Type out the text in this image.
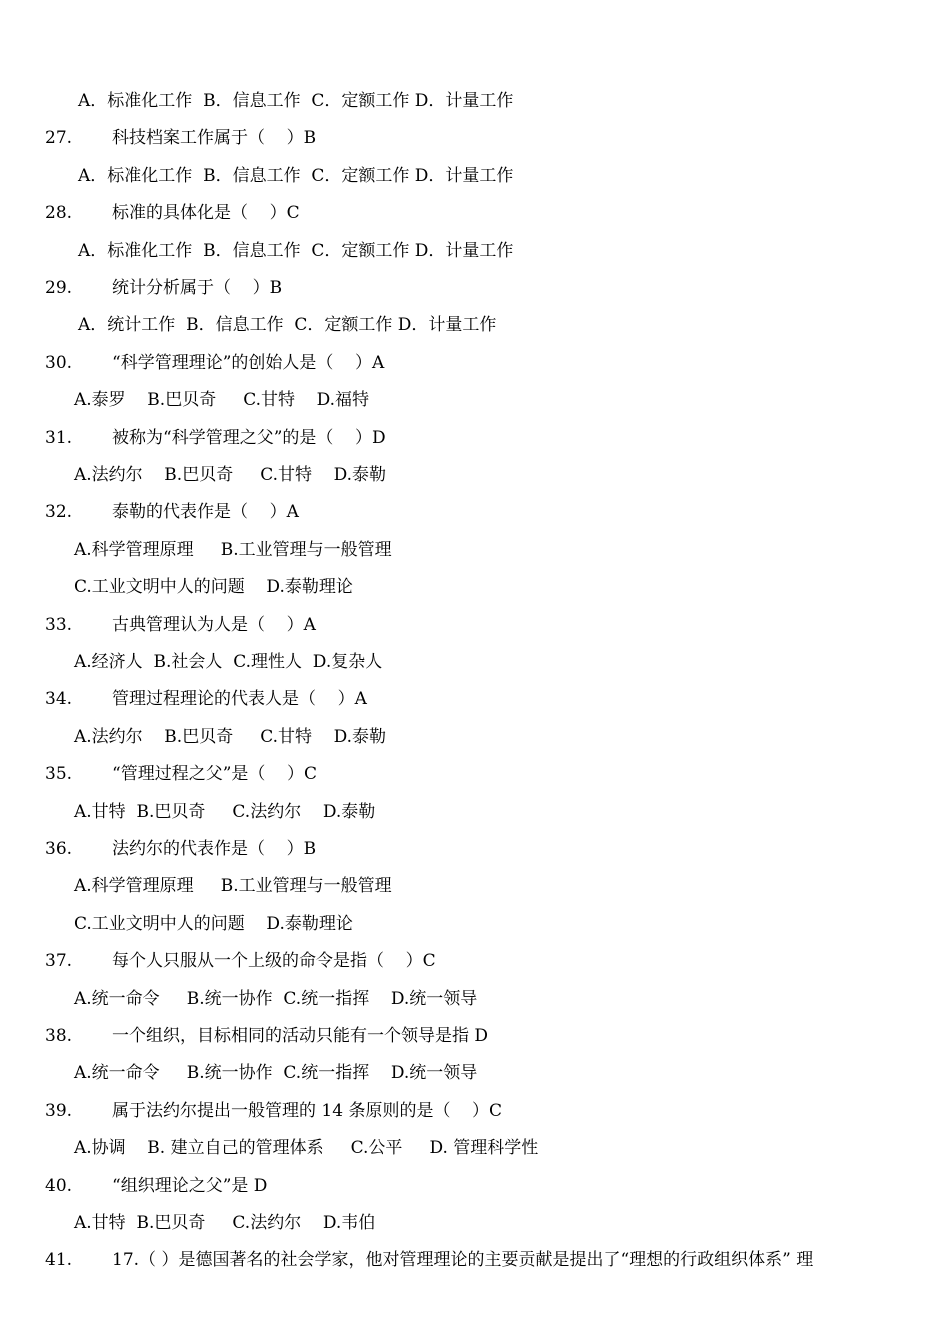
A．标准化工作  B．信息工作  C．定额工作 D．计量工作
27. 科技档案工作属于（    ）B
A．标准化工作  B．信息工作  C．定额工作 D．计量工作
28. 标准的具体化是（    ）C
A．标准化工作  B．信息工作  C．定额工作 D．计量工作
29. 统计分析属于（    ）B
A．统计工作  B．信息工作  C．定额工作 D．计量工作
30. “科学管理理论”的创始人是（    ）A
A.泰罗    B.巴贝奇     C.甘特    D.福特
31. 被称为“科学管理之父”的是（    ）D
A.法约尔    B.巴贝奇     C.甘特    D.泰勒
32. 泰勒的代表作是（    ）A
A.科学管理原理     B.工业管理与一般管理
C.工业文明中人的问题    D.泰勒理论
33. 古典管理认为人是（    ）A
A.经济人  B.社会人  C.理性人  D.复杂人
34. 管理过程理论的代表人是（    ）A
A.法约尔    B.巴贝奇     C.甘特    D.泰勒
35. “管理过程之父”是（    ）C
A.甘特  B.巴贝奇     C.法约尔    D.泰勒
36. 法约尔的代表作是（    ）B
A.科学管理原理     B.工业管理与一般管理
C.工业文明中人的问题    D.泰勒理论
37. 每个人只服从一个上级的命令是指（    ）C
A.统一命令     B.统一协作  C.统一指挥    D.统一领导
38. 一个组织，目标相同的活动只能有一个领导是指 D
A.统一命令     B.统一协作  C.统一指挥    D.统一领导
39. 属于法约尔提出一般管理的 14 条原则的是（    ）C
A.协调    B. 建立自己的管理体系     C.公平     D. 管理科学性
40. “组织理论之父”是 D
A.甘特  B.巴贝奇     C.法约尔    D.韦伯
41. 17.（ ）是德国著名的社会学家，他对管理理论的主要贡献是提出了“理想的行政组织体系” 理
